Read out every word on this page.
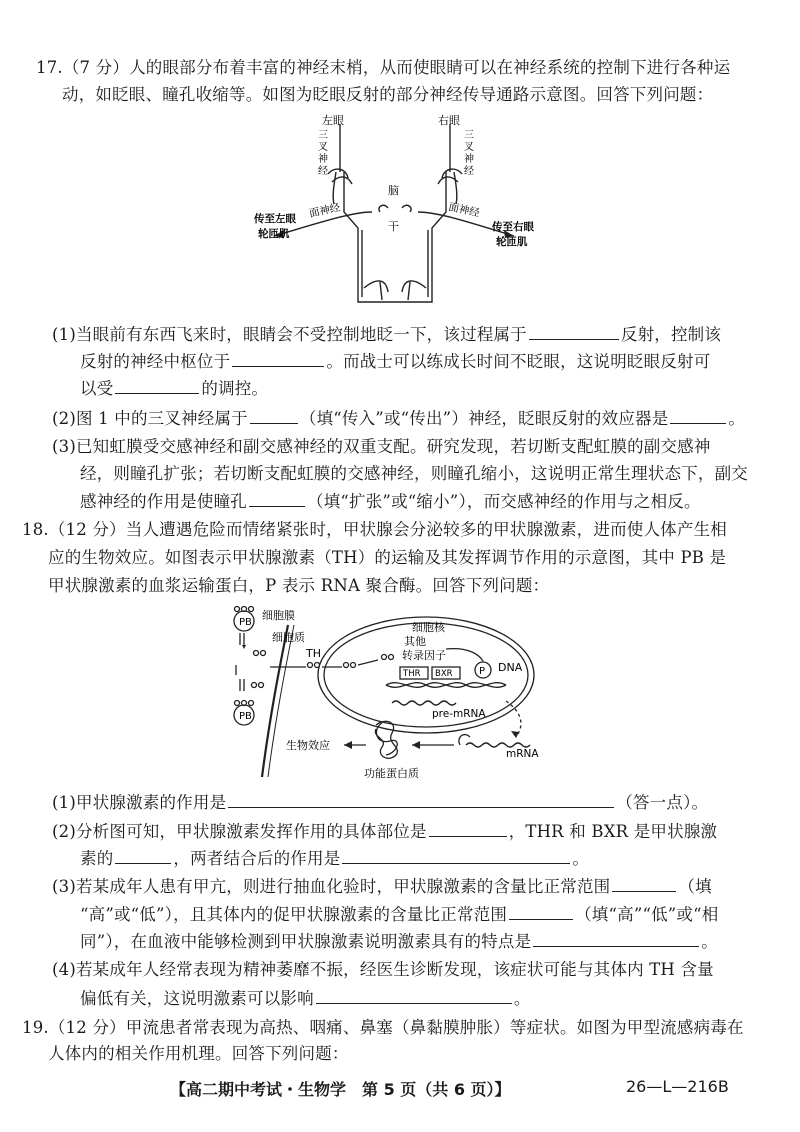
17.（7 分）人的眼部分布着丰富的神经末梢，从而使眼睛可以在神经系统的控制下进行各种运
动，如眨眼、瞳孔收缩等。如图为眨眼反射的部分神经传导通路示意图。回答下列问题：
左眼	右眼
三叉神经
三叉神经
脑
干
面神经	面神经
传至左眼
轮匝肌
传至右眼
轮匝肌
(1)当眼前有东西飞来时，眼睛会不受控制地眨一下，该过程属于	反射，控制该
反射的神经中枢位于	。而战士可以练成长时间不眨眼，这说明眨眼反射可
以受	的调控。
(2)图 1 中的三叉神经属于	（填“传入”或“传出”）神经，眨眼反射的效应器是	。
(3)已知虹膜受交感神经和副交感神经的双重支配。研究发现，若切断支配虹膜的副交感神
经，则瞳孔扩张；若切断支配虹膜的交感神经，则瞳孔缩小，这说明正常生理状态下，副交
感神经的作用是使瞳孔	（填“扩张”或“缩小”），而交感神经的作用与之相反。
18.（12 分）当人遭遇危险而情绪紧张时，甲状腺会分泌较多的甲状腺激素，进而使人体产生相
应的生物效应。如图表示甲状腺激素（TH）的运输及其发挥调节作用的示意图，其中 PB 是
甲状腺激素的血浆运输蛋白，P 表示 RNA 聚合酶。回答下列问题：
PB
PB
细胞膜
细胞质
TH
细胞核
其他
转录因子
THR BXR	P DNA
pre-mRNA
mRNA
生物效应
功能蛋白质
(1)甲状腺激素的作用是	（答一点）。
(2)分析图可知，甲状腺激素发挥作用的具体部位是	，THR 和 BXR 是甲状腺激
素的	，两者结合后的作用是	。
(3)若某成年人患有甲亢，则进行抽血化验时，甲状腺激素的含量比正常范围	（填
“高”或“低”），且其体内的促甲状腺激素的含量比正常范围	（填“高”“低”或“相
同”），在血液中能够检测到甲状腺激素说明激素具有的特点是	。
(4)若某成年人经常表现为精神萎靡不振，经医生诊断发现，该症状可能与其体内 TH 含量
偏低有关，这说明激素可以影响	。
19.（12 分）甲流患者常表现为高热、咽痛、鼻塞（鼻黏膜肿胀）等症状。如图为甲型流感病毒在
人体内的相关作用机理。回答下列问题：
【高二期中考试・生物学　第 5 页（共 6 页）】	26—L—216B
